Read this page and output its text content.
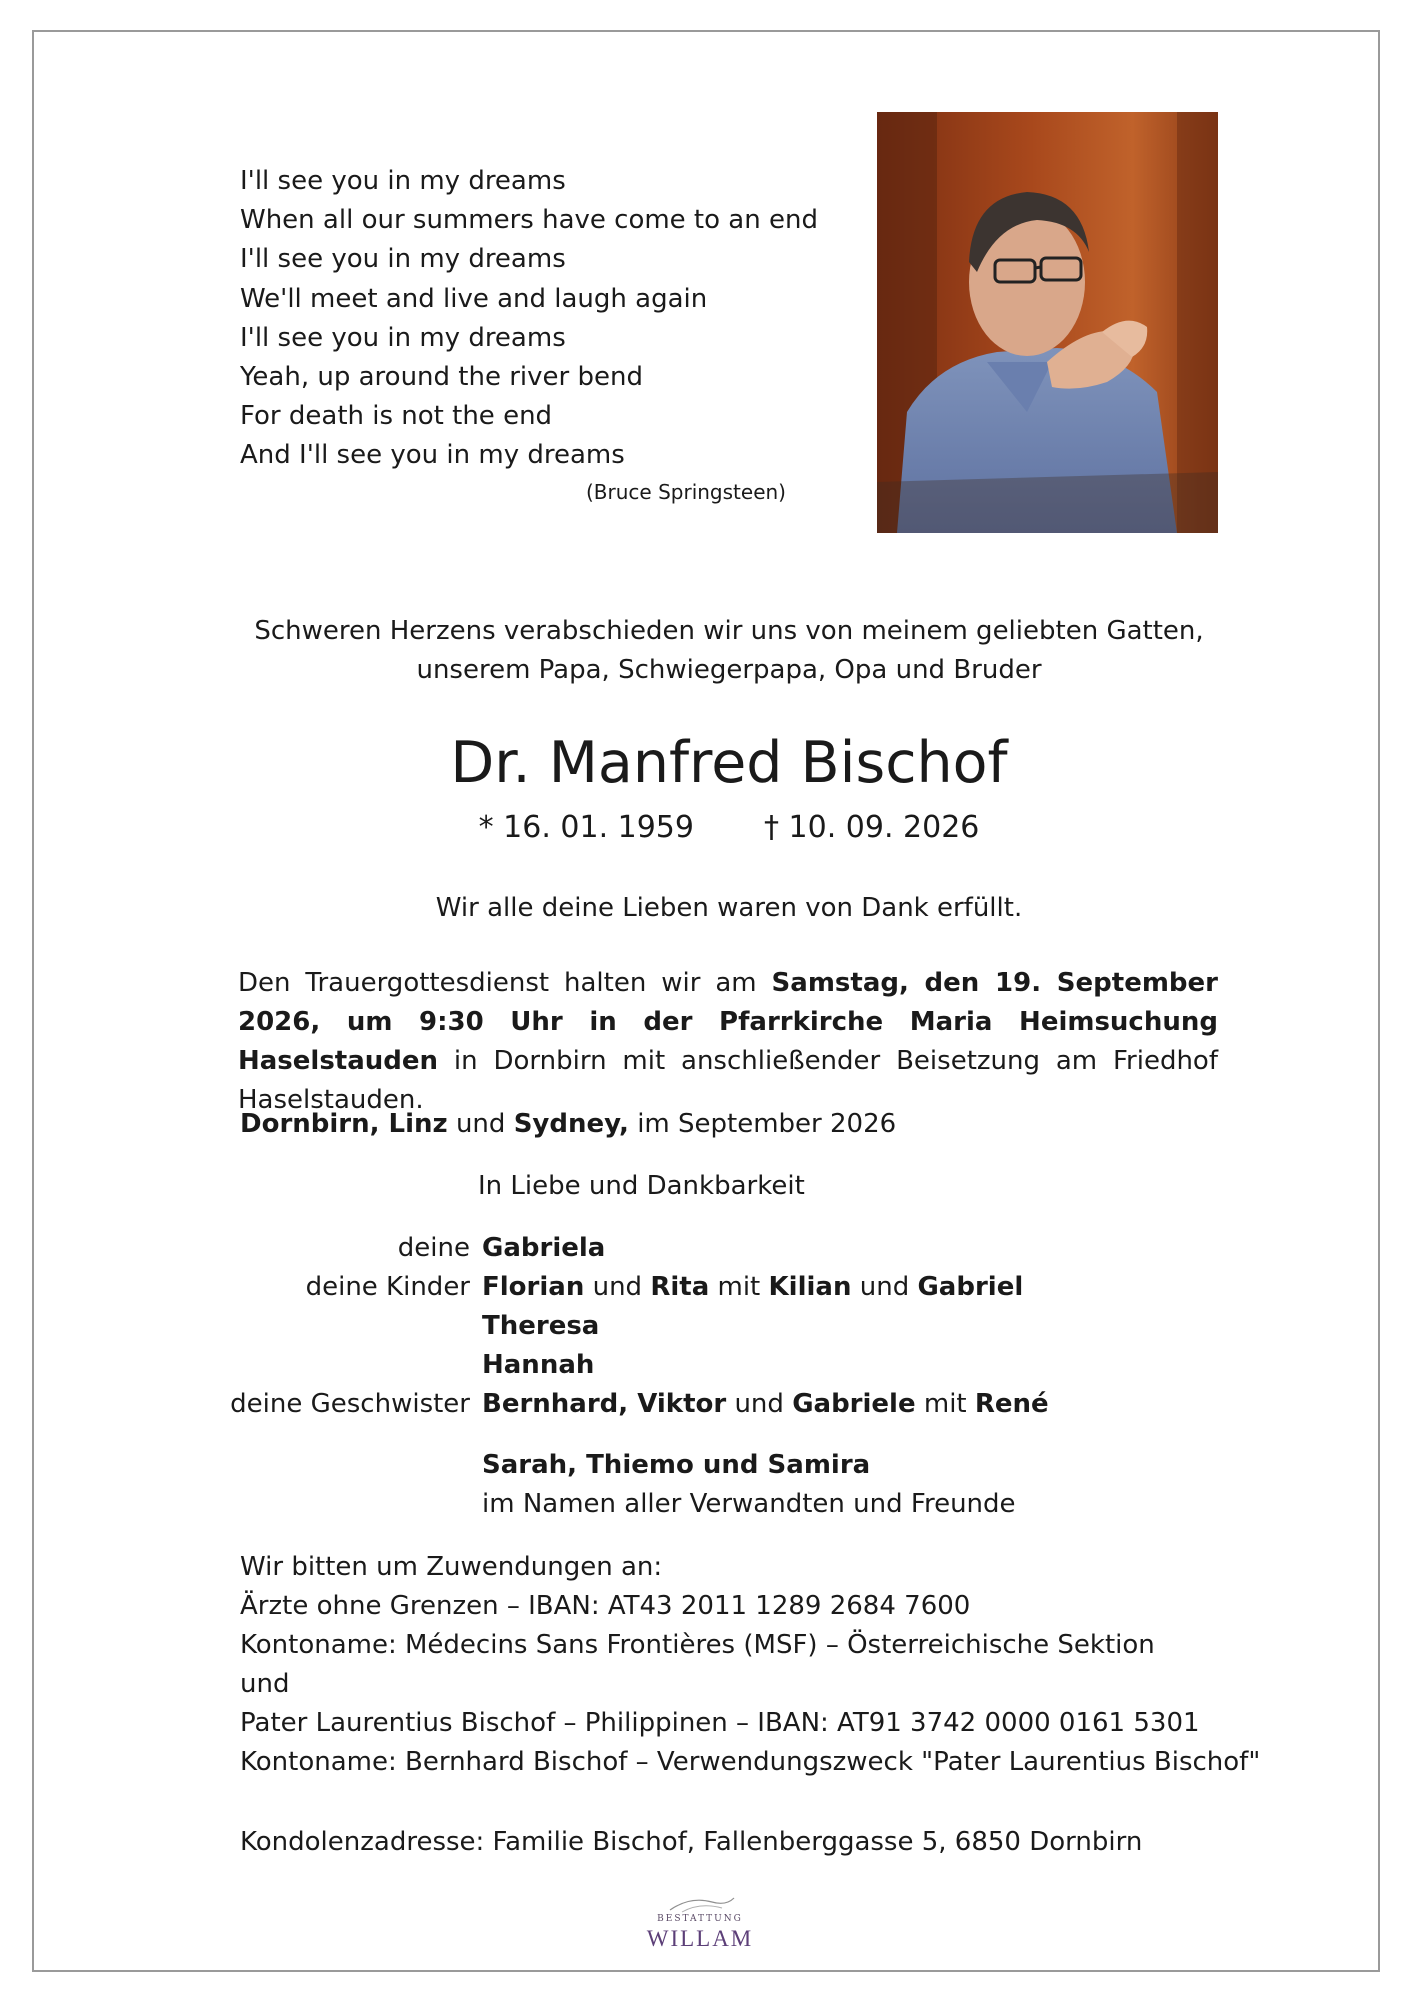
I'll see you in my dreams
When all our summers have come to an end
I'll see you in my dreams
We'll meet and live and laugh again
I'll see you in my dreams
Yeah, up around the river bend
For death is not the end
And I'll see you in my dreams
(Bruce Springsteen)
Schweren Herzens verabschieden wir uns von meinem geliebten Gatten,
unserem Papa, Schwiegerpapa, Opa und Bruder
Dr. Manfred Bischof
* 16. 01. 1959 † 10. 09. 2026
Wir alle deine Lieben waren von Dank erfüllt.
Den Trauergottesdienst halten wir am Samstag, den 19. September 2026, um 9:30 Uhr in der Pfarrkirche Maria Heimsuchung Haselstauden in Dornbirn mit anschließender Beisetzung am Friedhof Haselstauden.
Dornbirn, Linz und Sydney, im September 2026
In Liebe und Dankbarkeit
deine Gabriela
deine Kinder Florian und Rita mit Kilian und Gabriel
Theresa
Hannah
deine Geschwister Bernhard, Viktor und Gabriele mit René
Sarah, Thiemo und Samira
im Namen aller Verwandten und Freunde
Wir bitten um Zuwendungen an:
Ärzte ohne Grenzen – IBAN: AT43 2011 1289 2684 7600
Kontoname: Médecins Sans Frontières (MSF) – Österreichische Sektion
und
Pater Laurentius Bischof – Philippinen – IBAN: AT91 3742 0000 0161 5301
Kontoname: Bernhard Bischof – Verwendungszweck "Pater Laurentius Bischof"
Kondolenzadresse: Familie Bischof, Fallenberggasse 5, 6850 Dornbirn
BESTATTUNG
WILLAM
